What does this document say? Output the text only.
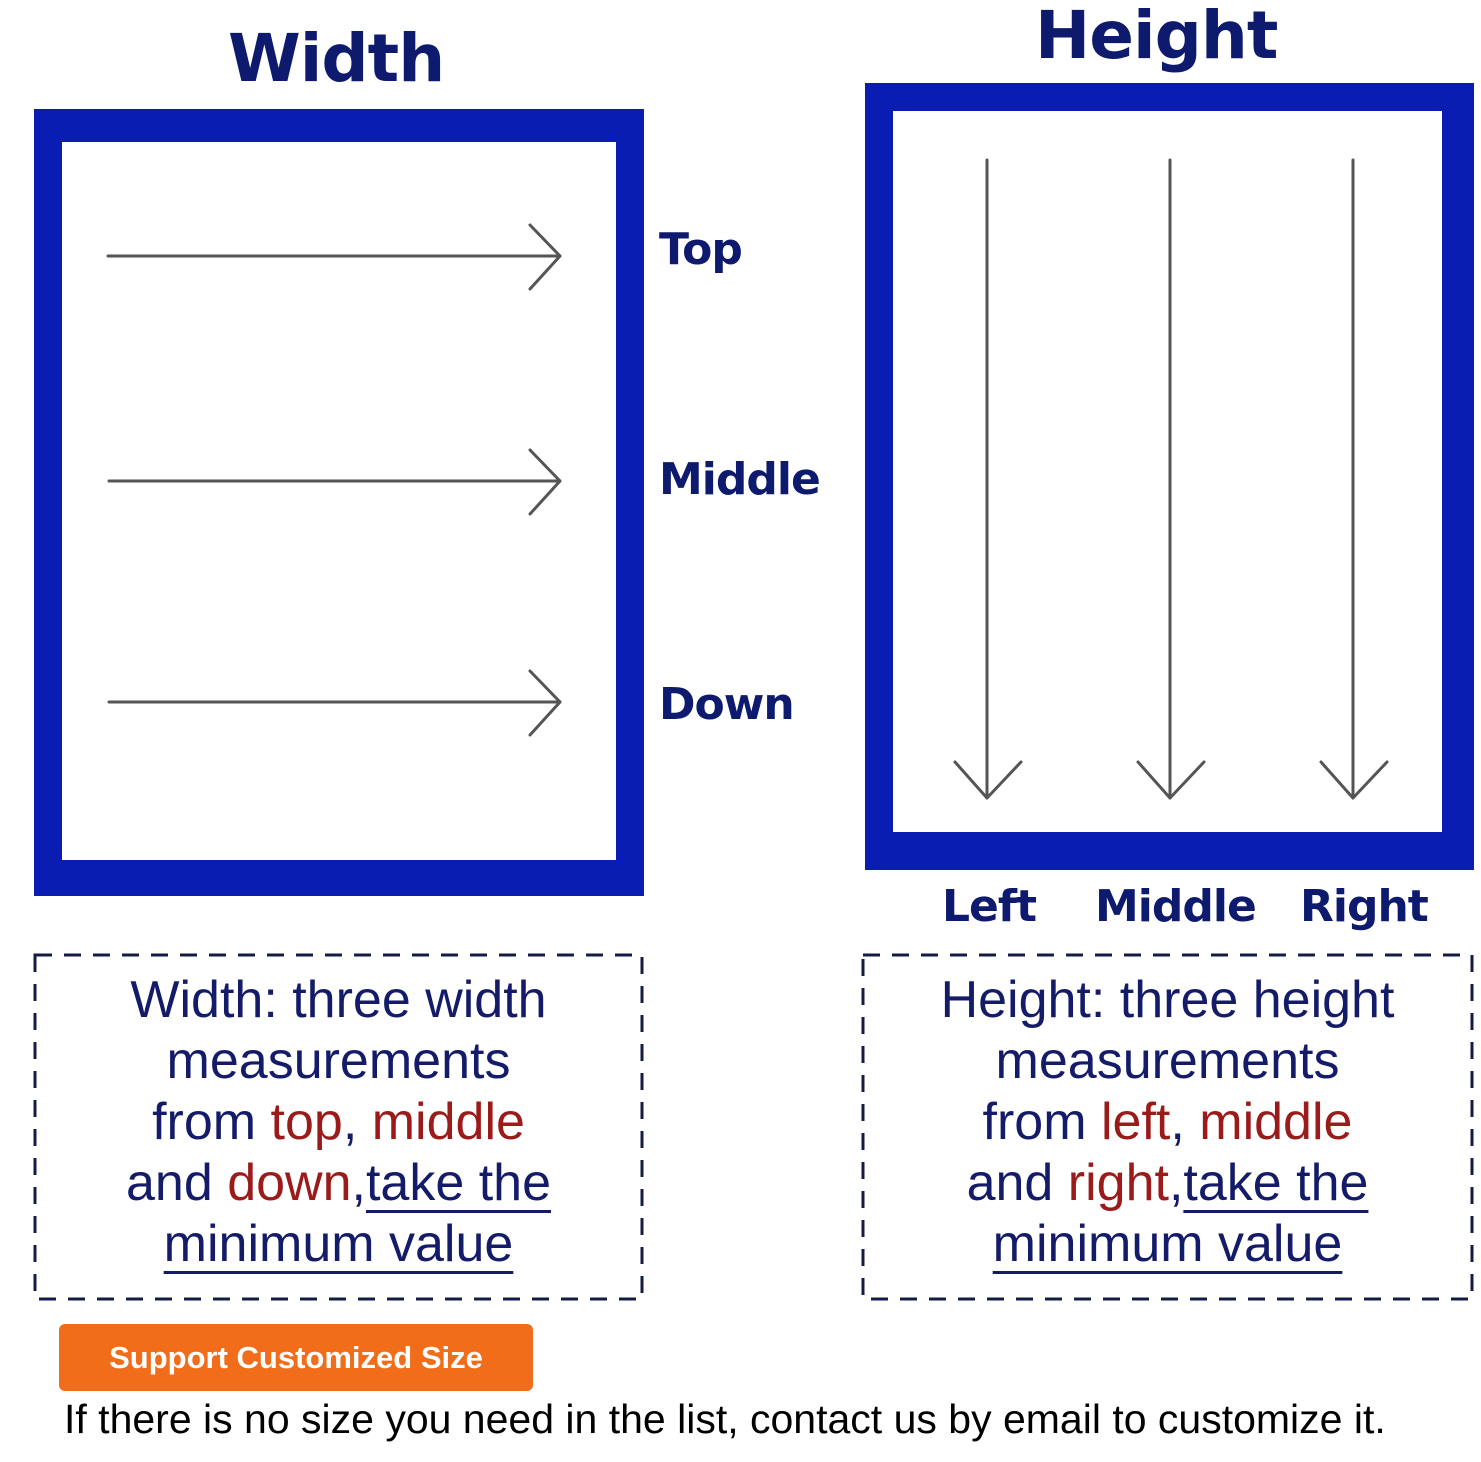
Width	Height
Top
Middle
Down
Left Middle Right
Width: three width
measurements
from top, middle
and down,take the
minimum value
Height: three height
measurements
from left, middle
and right,take the
minimum value
Support Customized Size
If there is no size you need in the list, contact us by email to customize it.
